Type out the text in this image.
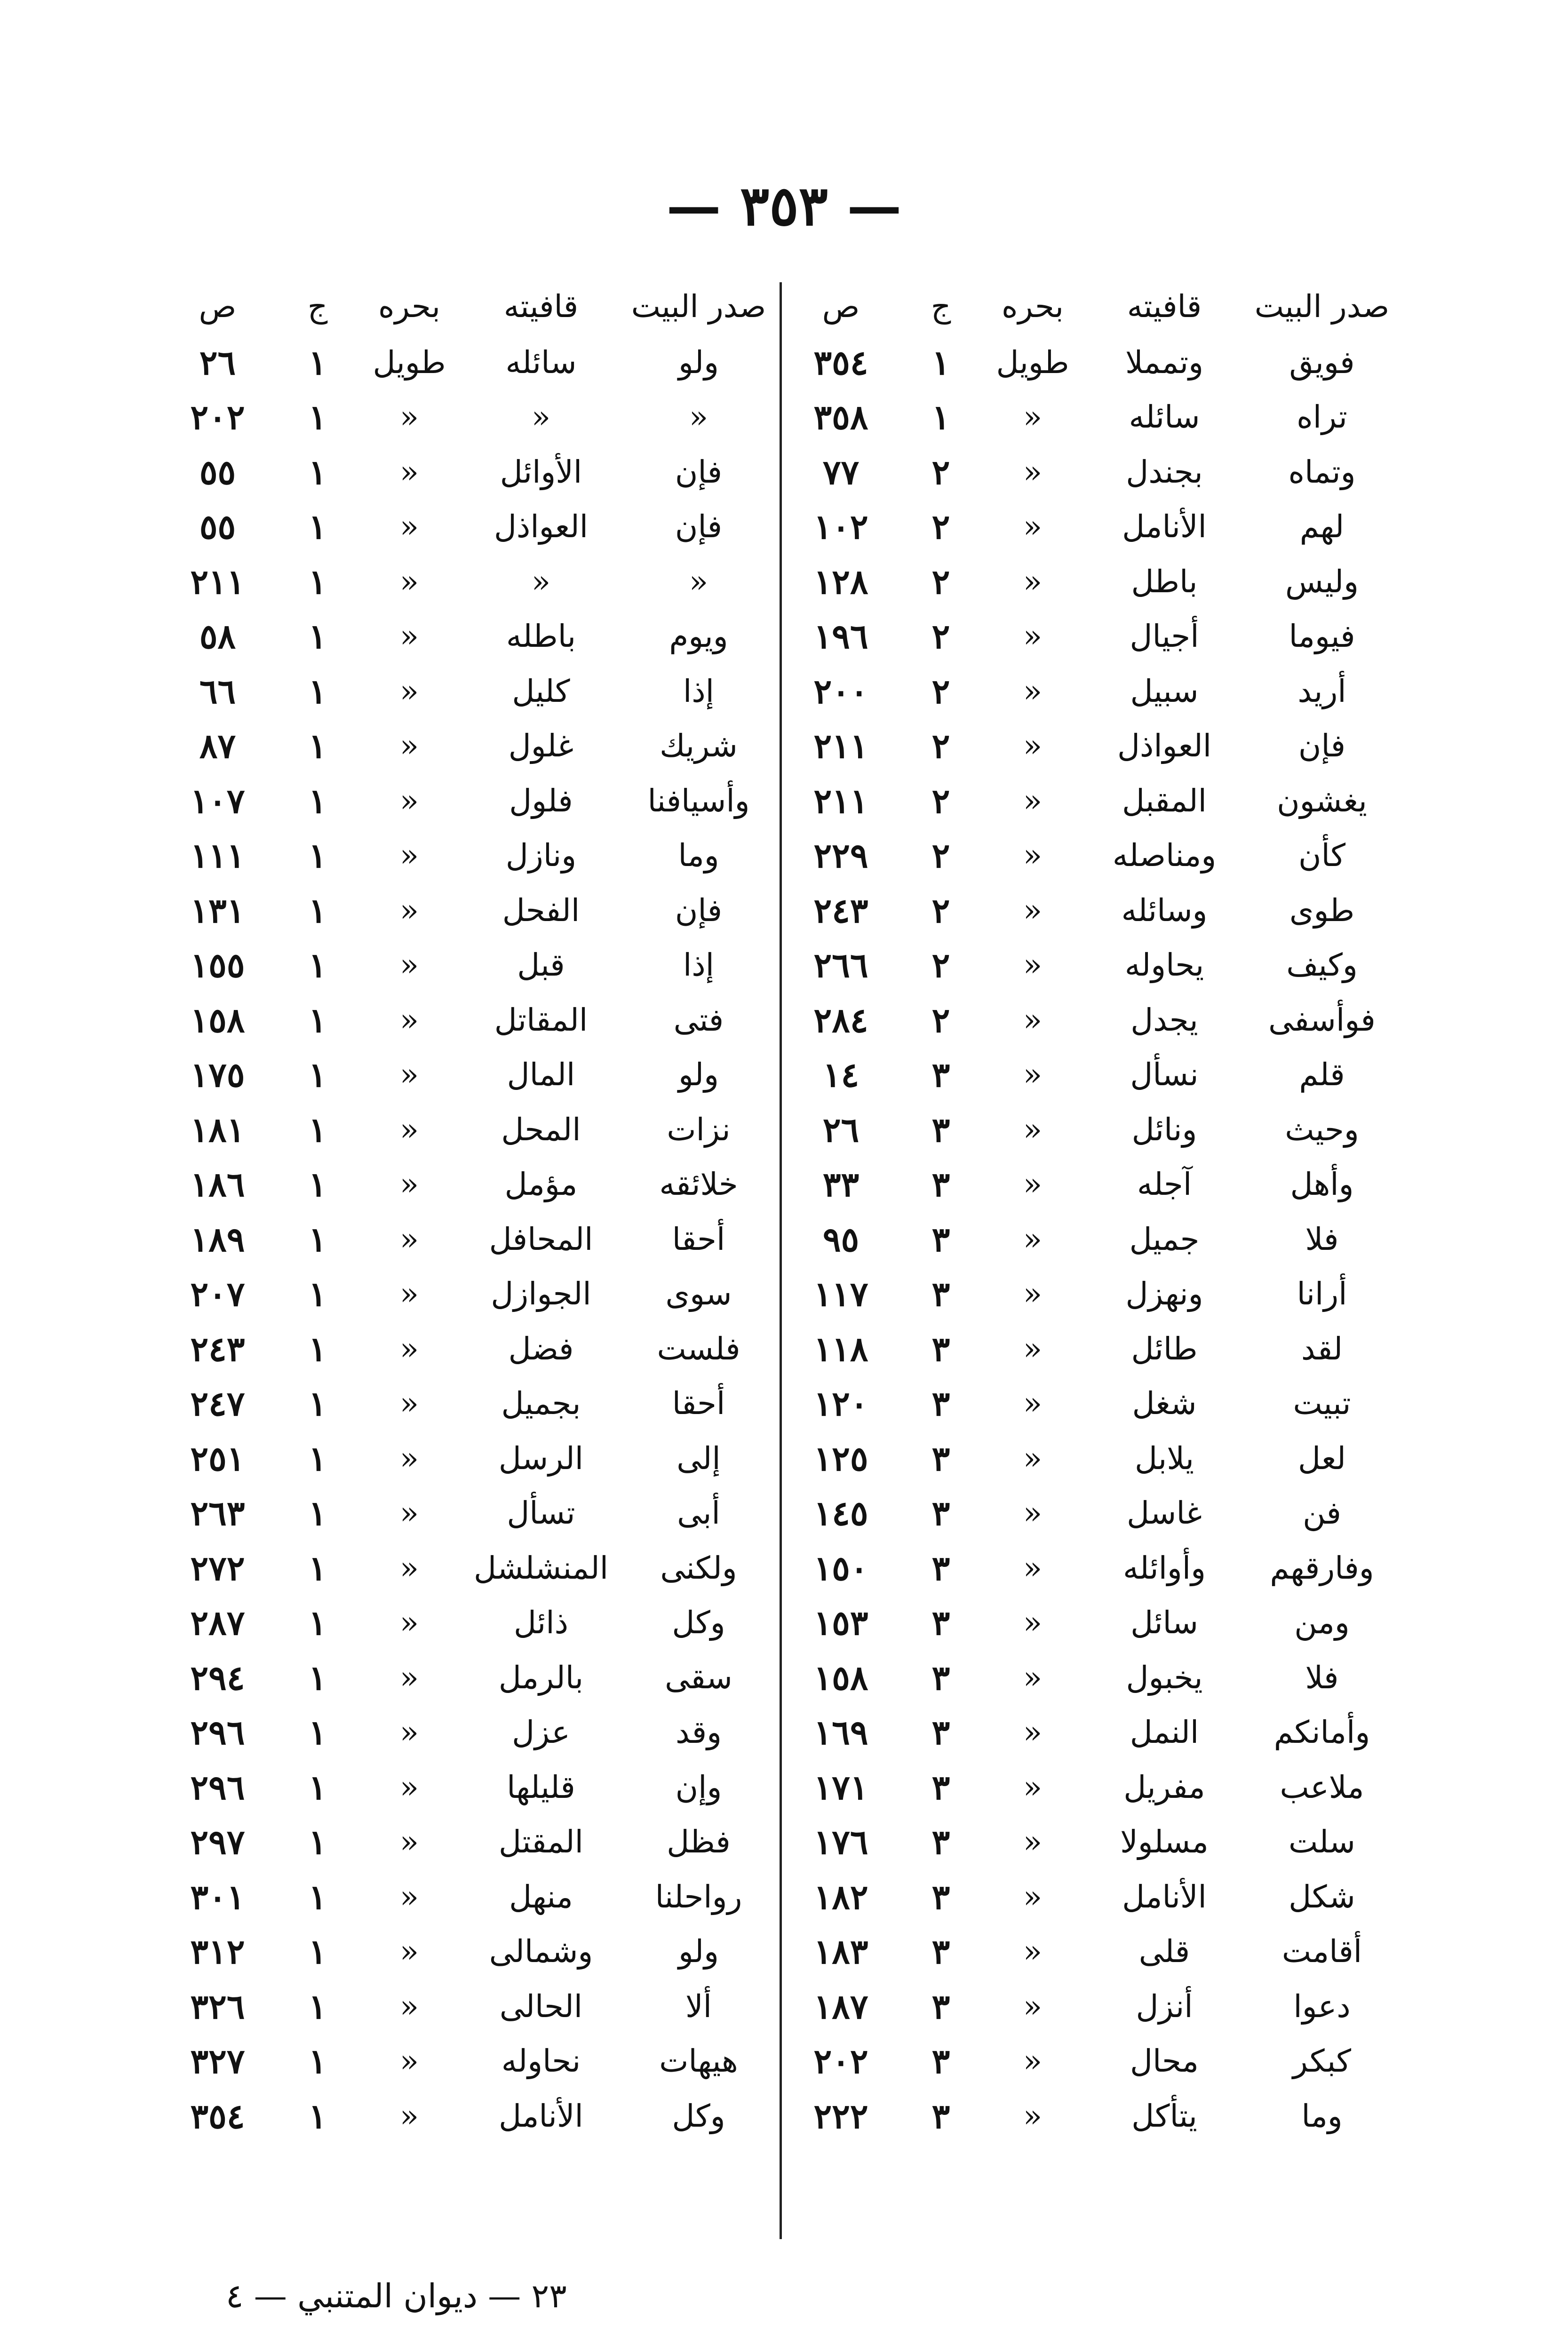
— ٣٥٣ —
صدر البيت	قافيته	بحره	ج	ص
ولو	سائله	طويل	١	٢٦
«	«	«	١	٢٠٢
فإن	الأوائل	«	١	٥٥
فإن	العواذل	«	١	٥٥
«	«	«	١	٢١١
ويوم	باطله	«	١	٥٨
إذا	كليل	«	١	٦٦
شريك	غلول	«	١	٨٧
وأسيافنا	فلول	«	١	١٠٧
وما	ونازل	«	١	١١١
فإن	الفحل	«	١	١٣١
إذا	قبل	«	١	١٥٥
فتى	المقاتل	«	١	١٥٨
ولو	المال	«	١	١٧٥
نزات	المحل	«	١	١٨١
خلائقه	مؤمل	«	١	١٨٦
أحقا	المحافل	«	١	١٨٩
سوى	الجوازل	«	١	٢٠٧
فلست	فضل	«	١	٢٤٣
أحقا	بجميل	«	١	٢٤٧
إلى	الرسل	«	١	٢٥١
أبى	تسأل	«	١	٢٦٣
ولكنى	المنشلشل	«	١	٢٧٢
وكل	ذائل	«	١	٢٨٧
سقى	بالرمل	«	١	٢٩٤
وقد	عزل	«	١	٢٩٦
وإن	قليلها	«	١	٢٩٦
فظل	المقتل	«	١	٢٩٧
رواحلنا	منهل	«	١	٣٠١
ولو	وشمالى	«	١	٣١٢
ألا	الحالى	«	١	٣٢٦
هيهات	نحاوله	«	١	٣٢٧
وكل	الأنامل	«	١	٣٥٤
صدر البيت	قافيته	بحره	ج	ص
فويق	وتمملا	طويل	١	٣٥٤
تراه	سائله	«	١	٣٥٨
وتماه	بجندل	«	٢	٧٧
لهم	الأنامل	«	٢	١٠٢
وليس	باطل	«	٢	١٢٨
فيوما	أجيال	«	٢	١٩٦
أريد	سبيل	«	٢	٢٠٠
فإن	العواذل	«	٢	٢١١
يغشون	المقبل	«	٢	٢١١
كأن	ومناصله	«	٢	٢٢٩
طوى	وسائله	«	٢	٢٤٣
وكيف	يحاوله	«	٢	٢٦٦
فوأسفى	يجدل	«	٢	٢٨٤
قلم	نسأل	«	٣	١٤
وحيث	ونائل	«	٣	٢٦
وأهل	آجله	«	٣	٣٣
فلا	جميل	«	٣	٩٥
أرانا	ونهزل	«	٣	١١٧
لقد	طائل	«	٣	١١٨
تبيت	شغل	«	٣	١٢٠
لعل	يلابل	«	٣	١٢٥
فن	غاسل	«	٣	١٤٥
وفارقهم	وأوائله	«	٣	١٥٠
ومن	سائل	«	٣	١٥٣
فلا	يخبول	«	٣	١٥٨
وأمانكم	النمل	«	٣	١٦٩
ملاعب	مفريل	«	٣	١٧١
سلت	مسلولا	«	٣	١٧٦
شكل	الأنامل	«	٣	١٨٢
أقامت	قلى	«	٣	١٨٣
دعوا	أنزل	«	٣	١٨٧
كبكر	محال	«	٣	٢٠٢
وما	يتأكل	«	٣	٢٢٢
٢٣ — ديوان المتنبي — ٤
